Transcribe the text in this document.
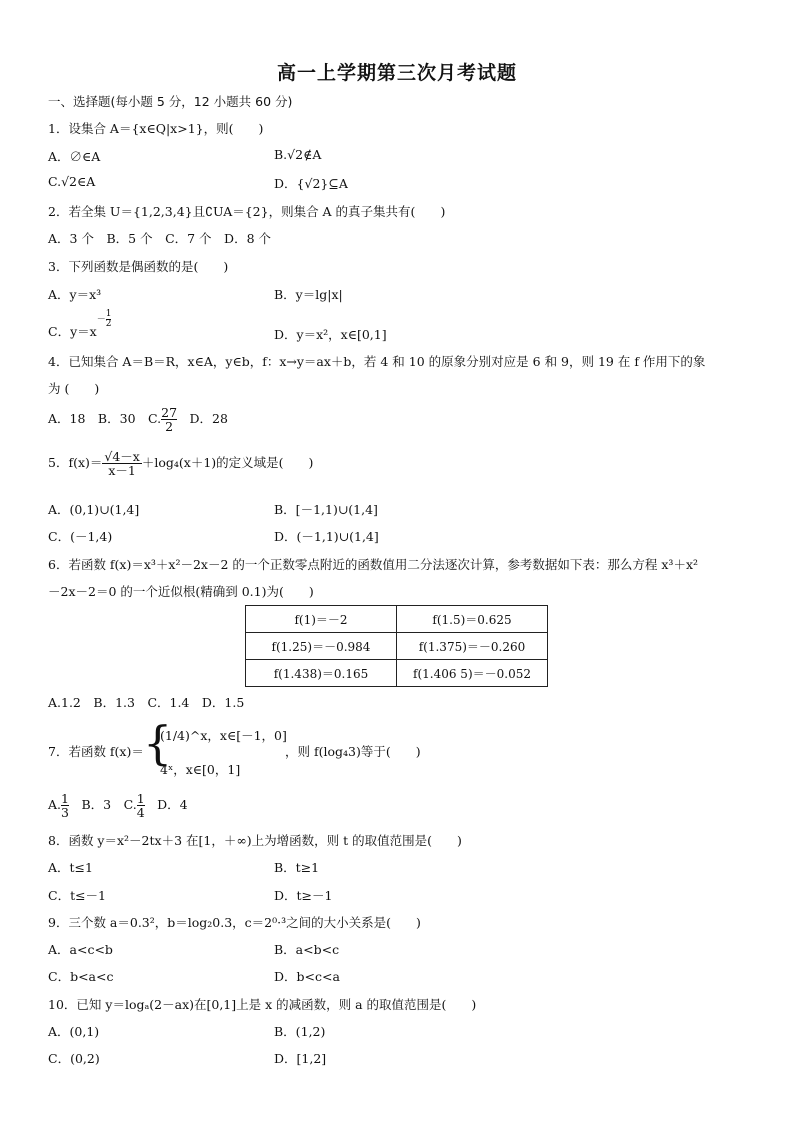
高一上学期第三次月考试题
一、选择题(每小题 5 分，12 小题共 60 分)
1．设集合 A＝{x∈Q|x>1}，则(　　)
A．∅∈A	B.√2∉A
C.√2∈A	D．{√2}⊆A
2．若全集 U＝{1,2,3,4}且∁UA＝{2}，则集合 A 的真子集共有(　　)
A．3 个　B．5 个　C．7 个　D．8 个
3．下列函数是偶函数的是(　　)
A．y＝x³	B．y＝lg|x|
C．$y=x- \frac{1}{2}$
D．y＝x²，x∈[0,1]
4．已知集合 A＝B＝R，x∈A，y∈b，f：x→y＝ax＋b，若 4 和 10 的原象分别对应是 6 和 9，则 19 在 f 作用下的象
为 (　　)
A．18　B．30　C. $\frac{27}{2}$ 　D．28
5．$f(x)= \frac{√4-x}{x-1} +\log_4(x+1)$的定义域是(　　)
A．(0,1)∪(1,4]	B．[－1,1)∪(1,4]
C．(－1,4)	D．(－1,1)∪(1,4]
6．若函数 f(x)＝x³＋x²－2x－2 的一个正数零点附近的函数值用二分法逐次计算，参考数据如下表：那么方程 x³＋x²
－2x－2＝0 的一个近似根(精确到 0.1)为(　　)
f(1)＝－2	f(1.5)＝0.625
f(1.25)＝－0.984	f(1.375)＝－0.260
f(1.438)＝0.165	f(1.406 5)＝－0.052
A.1.2　B．1.3　C．1.4　D．1.5
7．若函数 f(x)＝ {
(1/4)^x，x∈[－1，0]
4ˣ，x∈[0，1]
，则 f(log₄3)等于(　　)
A. $\frac{1}{3}$ 　B．3　C. $\frac{1}{4}$ 　D．4
8．函数 y＝x²－2tx＋3 在[1，＋∞)上为增函数，则 t 的取值范围是(　　)
A．t≤1	B．t≥1
C．t≤－1	D．t≥－1
9．三个数 a＝0.3²，b＝log₂0.3，c＝2⁰·³之间的大小关系是(　　)
A．a<c<b	B．a<b<c
C．b<a<c	D．b<c<a
10．已知 y＝logₐ(2－ax)在[0,1]上是 x 的减函数，则 a 的取值范围是(　　)
A．(0,1)	B．(1,2)
C．(0,2)	D．[1,2]
